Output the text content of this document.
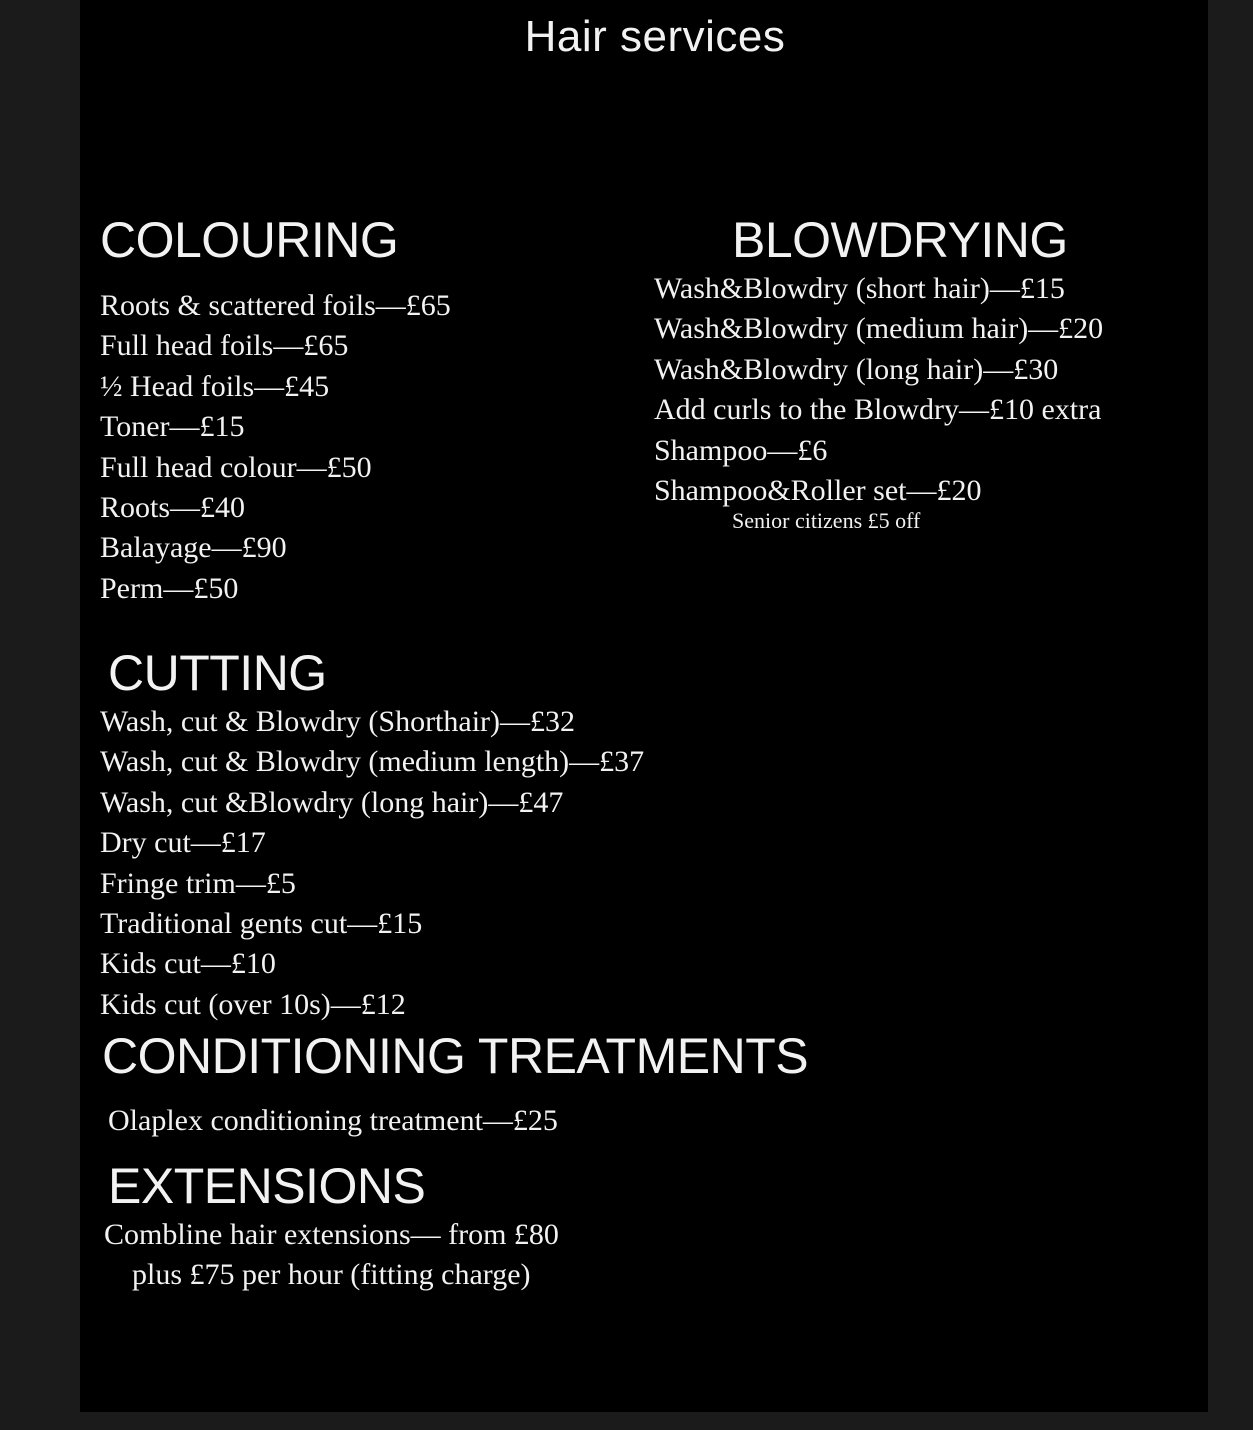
Hair services
COLOURING
Roots & scattered foils—£65
Full head foils—£65
½ Head foils—£45
Toner—£15
Full head colour—£50
Roots—£40
Balayage—£90
Perm—£50
BLOWDRYING
Wash&Blowdry (short hair)—£15
Wash&Blowdry (medium hair)—£20
Wash&Blowdry (long hair)—£30
Add curls to the Blowdry—£10 extra
Shampoo—£6
Shampoo&Roller set—£20
Senior citizens £5 off
CUTTING
Wash, cut & Blowdry (Shorthair)—£32
Wash, cut & Blowdry (medium length)—£37
Wash, cut &Blowdry (long hair)—£47
Dry cut—£17
Fringe trim—£5
Traditional gents cut—£15
Kids cut—£10
Kids cut (over 10s)—£12
CONDITIONING TREATMENTS
Olaplex conditioning treatment—£25
EXTENSIONS
Combline hair extensions— from £80
plus £75 per hour (fitting charge)
